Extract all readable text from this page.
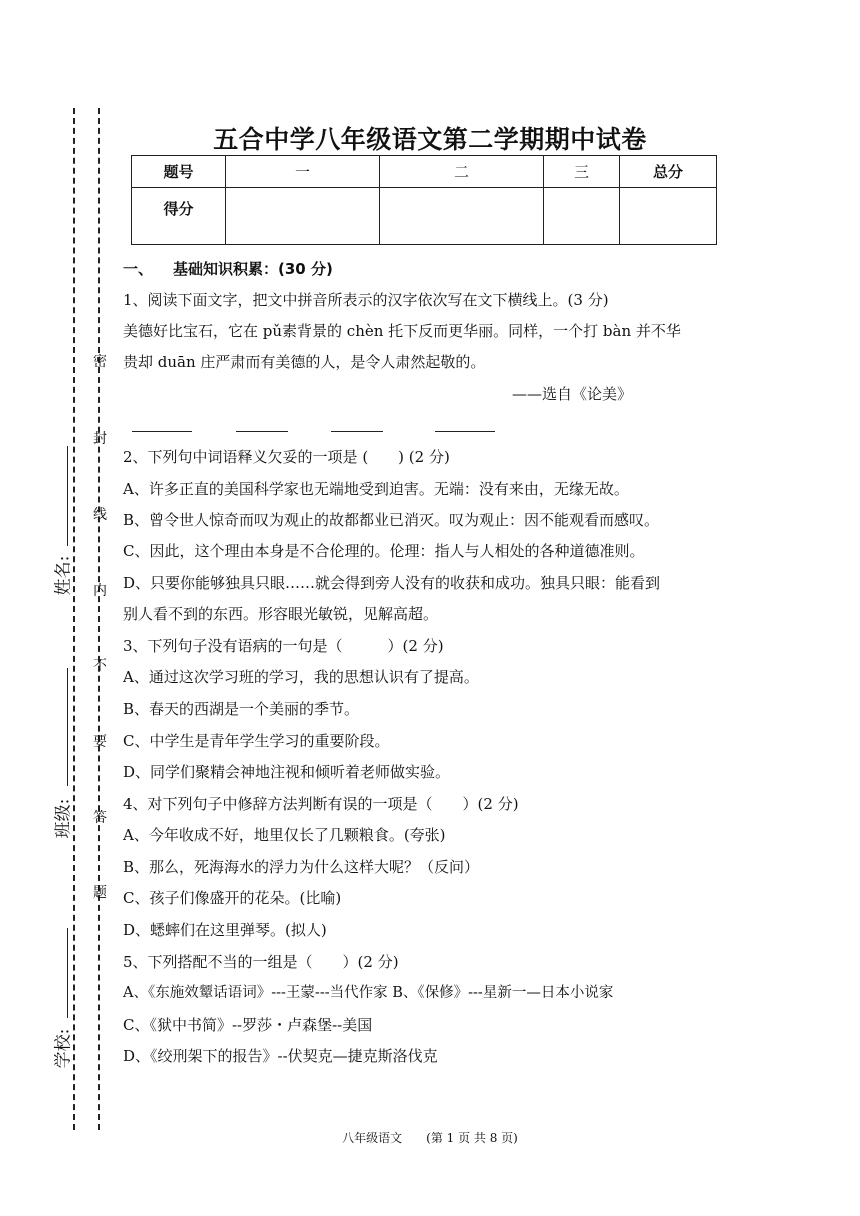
密
封
线
内
不
要
答
题
姓名:
班级:
学校:
五合中学八年级语文第二学期期中试卷
题号	一	二	三	总分
得分				
一、 基础知识积累：(30 分)
1、阅读下面文字，把文中拼音所表示的汉字依次写在文下横线上。(3 分)
美德好比宝石，它在 pǔ素背景的 chèn 托下反而更华丽。同样，一个打 bàn 并不华
贵却 duān 庄严肃而有美德的人，是令人肃然起敬的。
——选自《论美》
2、下列句中词语释义欠妥的一项是 (　　) (2 分)
A、许多正直的美国科学家也无端地受到迫害。无端：没有来由，无缘无故。
B、曾令世人惊奇而叹为观止的故都都业已消灭。叹为观止：因不能观看而感叹。
C、因此，这个理由本身是不合伦理的。伦理：指人与人相处的各种道德准则。
D、只要你能够独具只眼……就会得到旁人没有的收获和成功。独具只眼：能看到
别人看不到的东西。形容眼光敏锐，见解高超。
3、下列句子没有语病的一句是（　　　）(2 分)
A、通过这次学习班的学习，我的思想认识有了提高。
B、春天的西湖是一个美丽的季节。
C、中学生是青年学生学习的重要阶段。
D、同学们聚精会神地注视和倾听着老师做实验。
4、对下列句子中修辞方法判断有误的一项是（　　）(2 分)
A、今年收成不好，地里仅长了几颗粮食。(夸张)
B、那么，死海海水的浮力为什么这样大呢？（反问）
C、孩子们像盛开的花朵。(比喻)
D、蟋蟀们在这里弹琴。(拟人)
5、下列搭配不当的一组是（　　）(2 分)
A、《东施效颦话语词》---王蒙---当代作家 B、《保修》---星新一—日本小说家
C、《狱中书简》--罗莎・卢森堡--美国
D、《绞刑架下的报告》--伏契克—捷克斯洛伐克
八年级语文　　(第 1 页 共 8 页)
